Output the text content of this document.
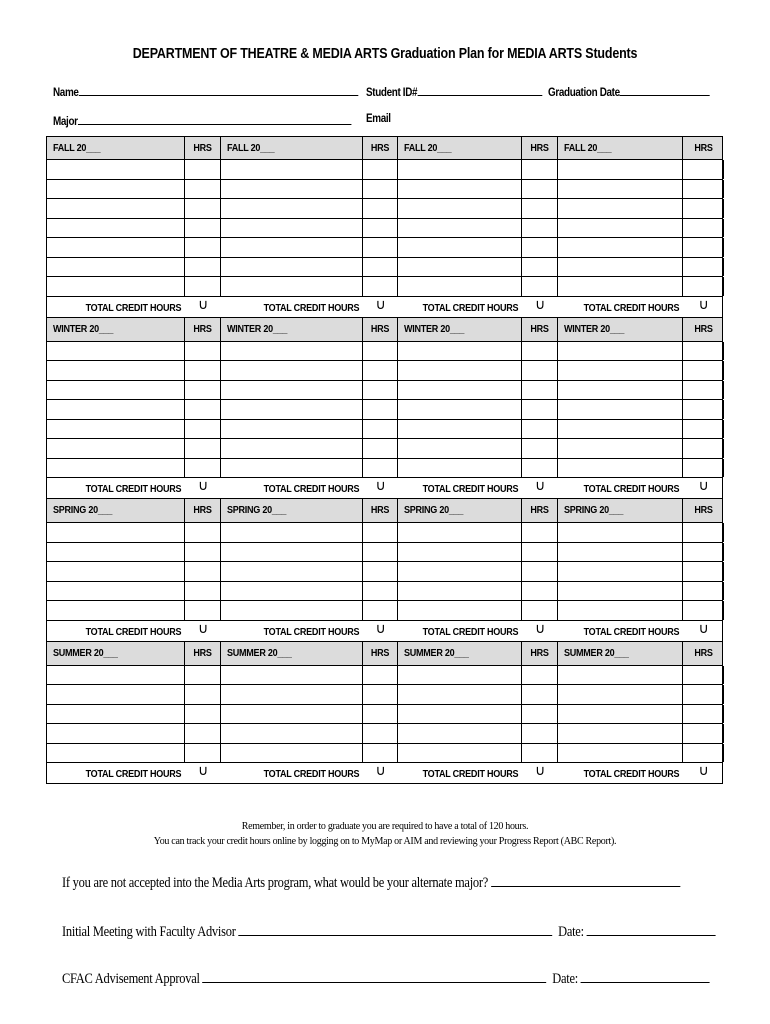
DEPARTMENT OF THEATRE & MEDIA ARTS Graduation Plan for MEDIA ARTS Students
Name	Student ID#	Graduation Date
Major	Email
FALL 20___	HRS	FALL 20___	HRS	FALL 20___	HRS	FALL 20___	HRS
TOTAL CREDIT HOURS	∪	TOTAL CREDIT HOURS	∪	TOTAL CREDIT HOURS	∪	TOTAL CREDIT HOURS	∪
WINTER 20___	HRS	WINTER 20___	HRS	WINTER 20___	HRS	WINTER 20___	HRS
TOTAL CREDIT HOURS	∪	TOTAL CREDIT HOURS	∪	TOTAL CREDIT HOURS	∪	TOTAL CREDIT HOURS	∪
SPRING 20___	HRS	SPRING 20___	HRS	SPRING 20___	HRS	SPRING 20___	HRS
TOTAL CREDIT HOURS	∪	TOTAL CREDIT HOURS	∪	TOTAL CREDIT HOURS	∪	TOTAL CREDIT HOURS	∪
SUMMER 20___	HRS	SUMMER 20___	HRS	SUMMER 20___	HRS	SUMMER 20___	HRS
TOTAL CREDIT HOURS	∪	TOTAL CREDIT HOURS	∪	TOTAL CREDIT HOURS	∪	TOTAL CREDIT HOURS	∪
Remember, in order to graduate you are required to have a total of 120 hours.
You can track your credit hours online by logging on to MyMap or AIM and reviewing your Progress Report (ABC Report).
If you are not accepted into the Media Arts program, what would be your alternate major?
Initial Meeting with Faculty Advisor	Date:
CFAC Advisement Approval	Date:
